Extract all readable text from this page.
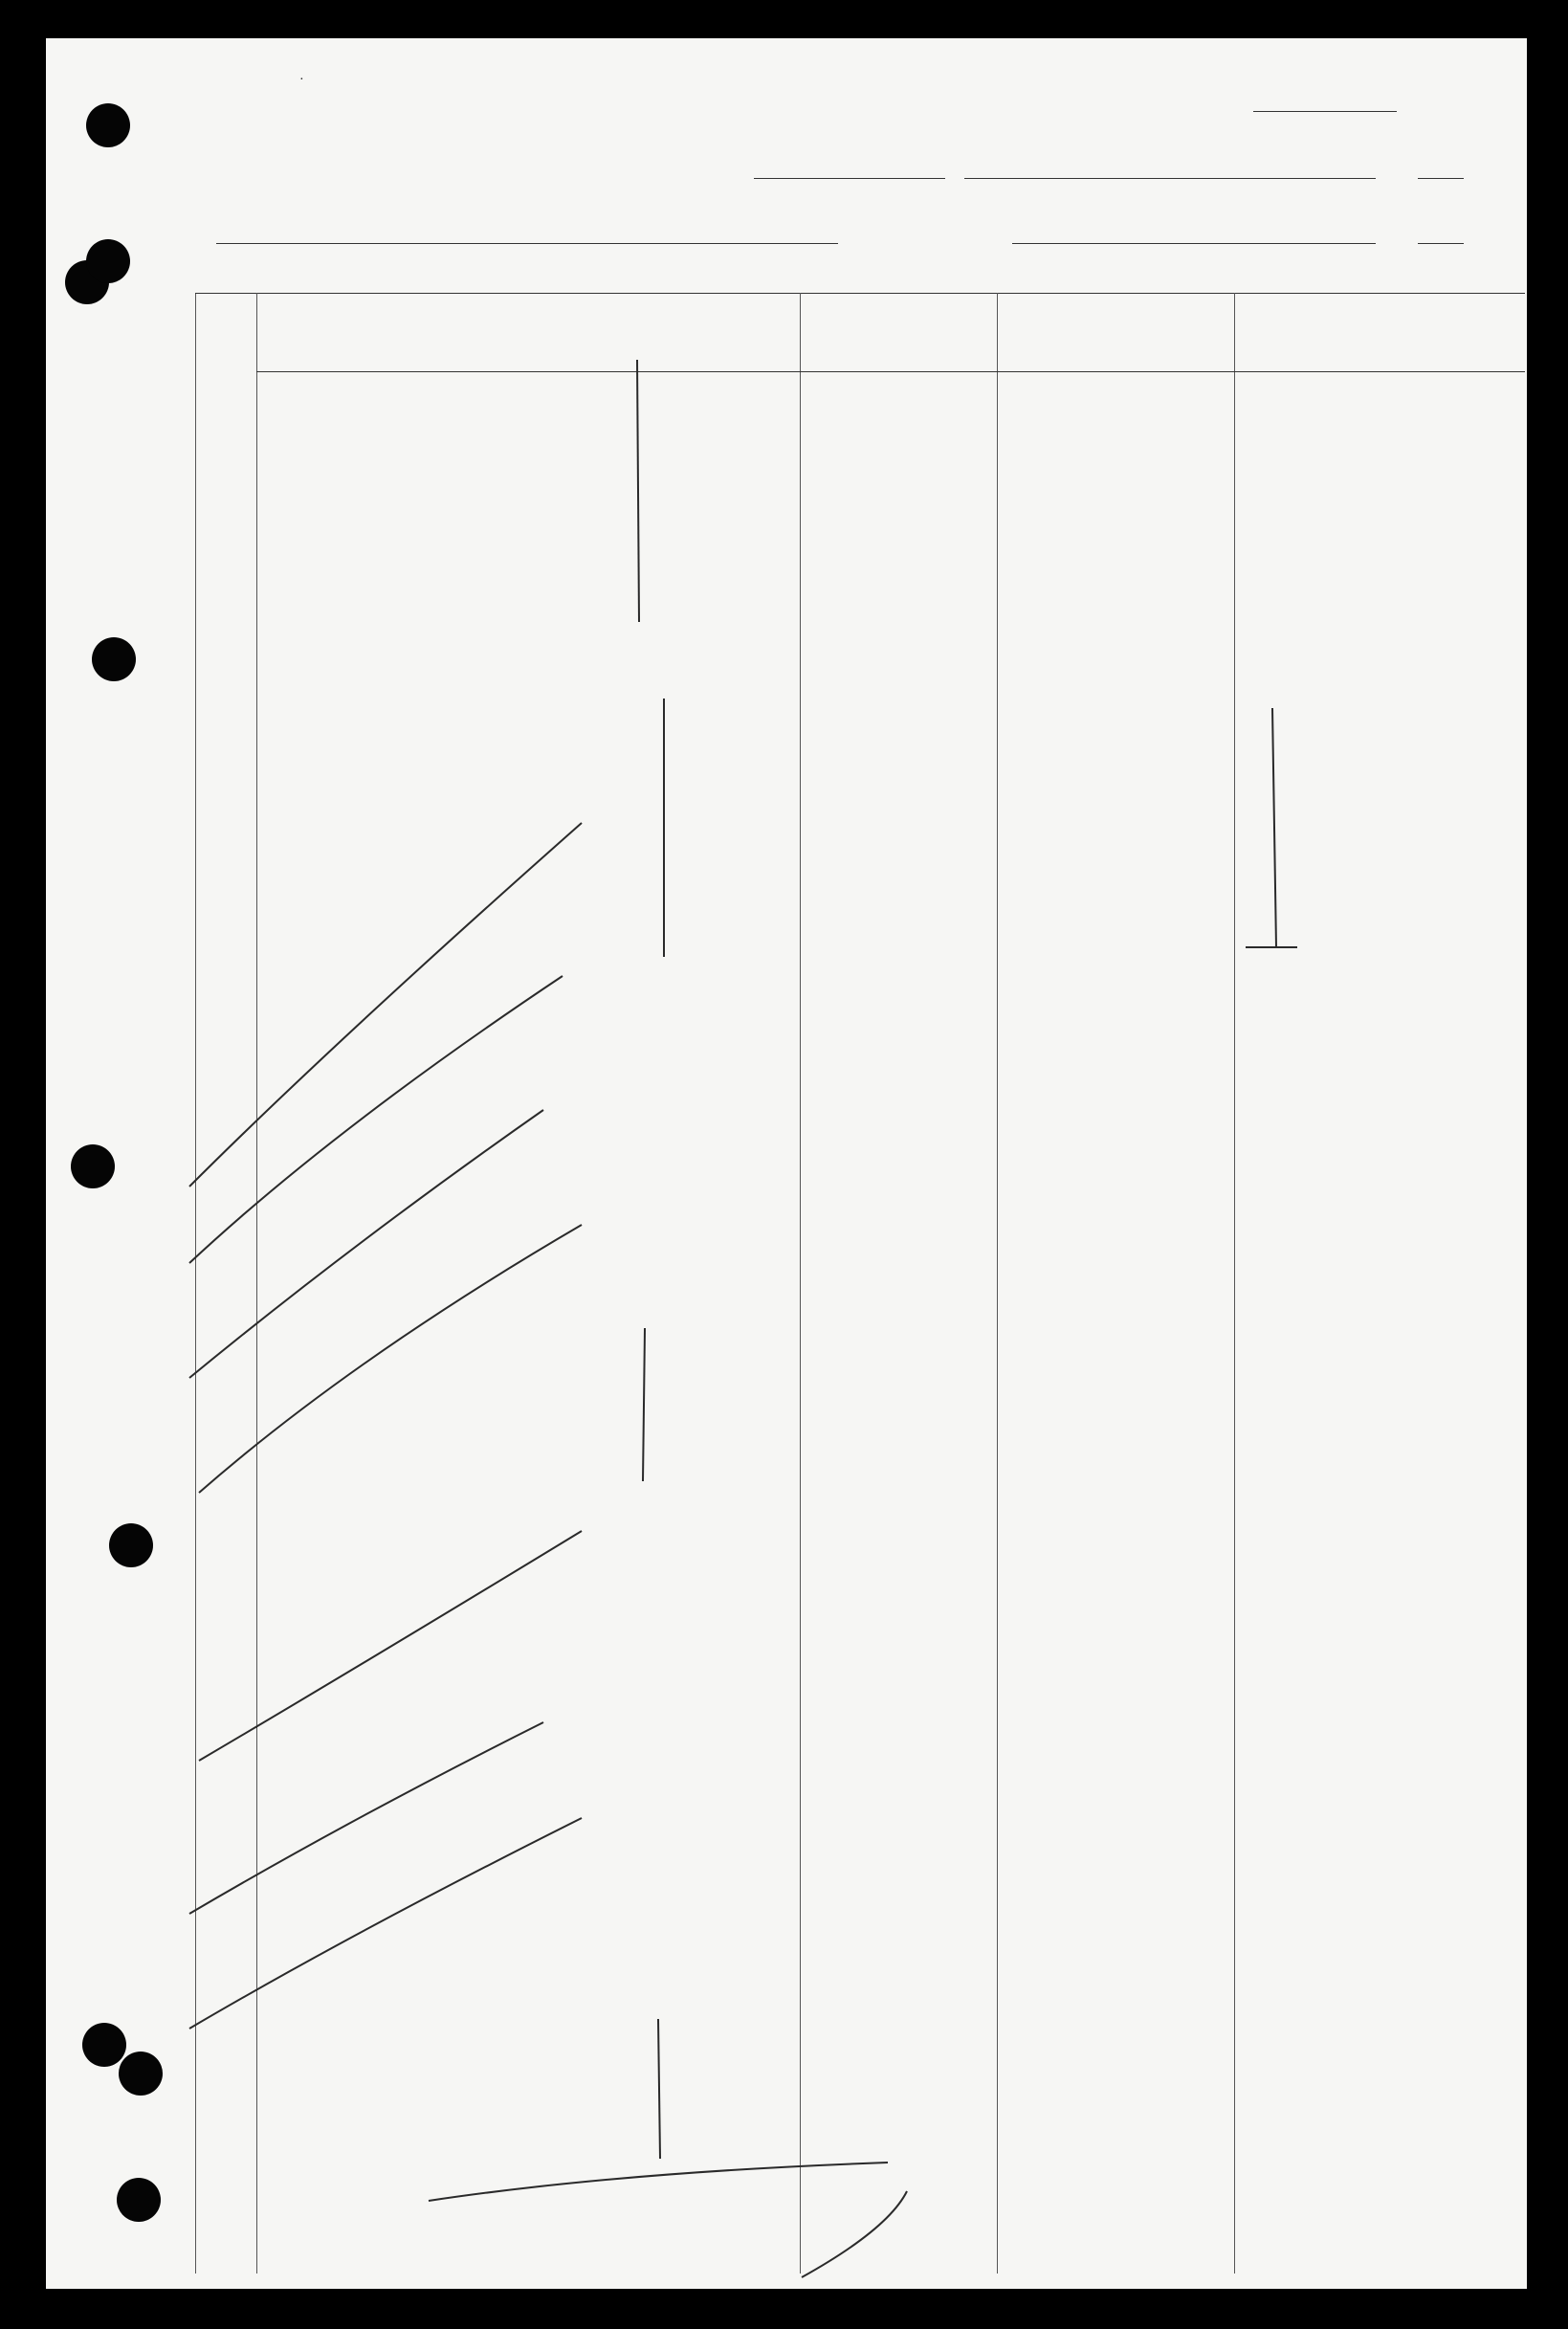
·
